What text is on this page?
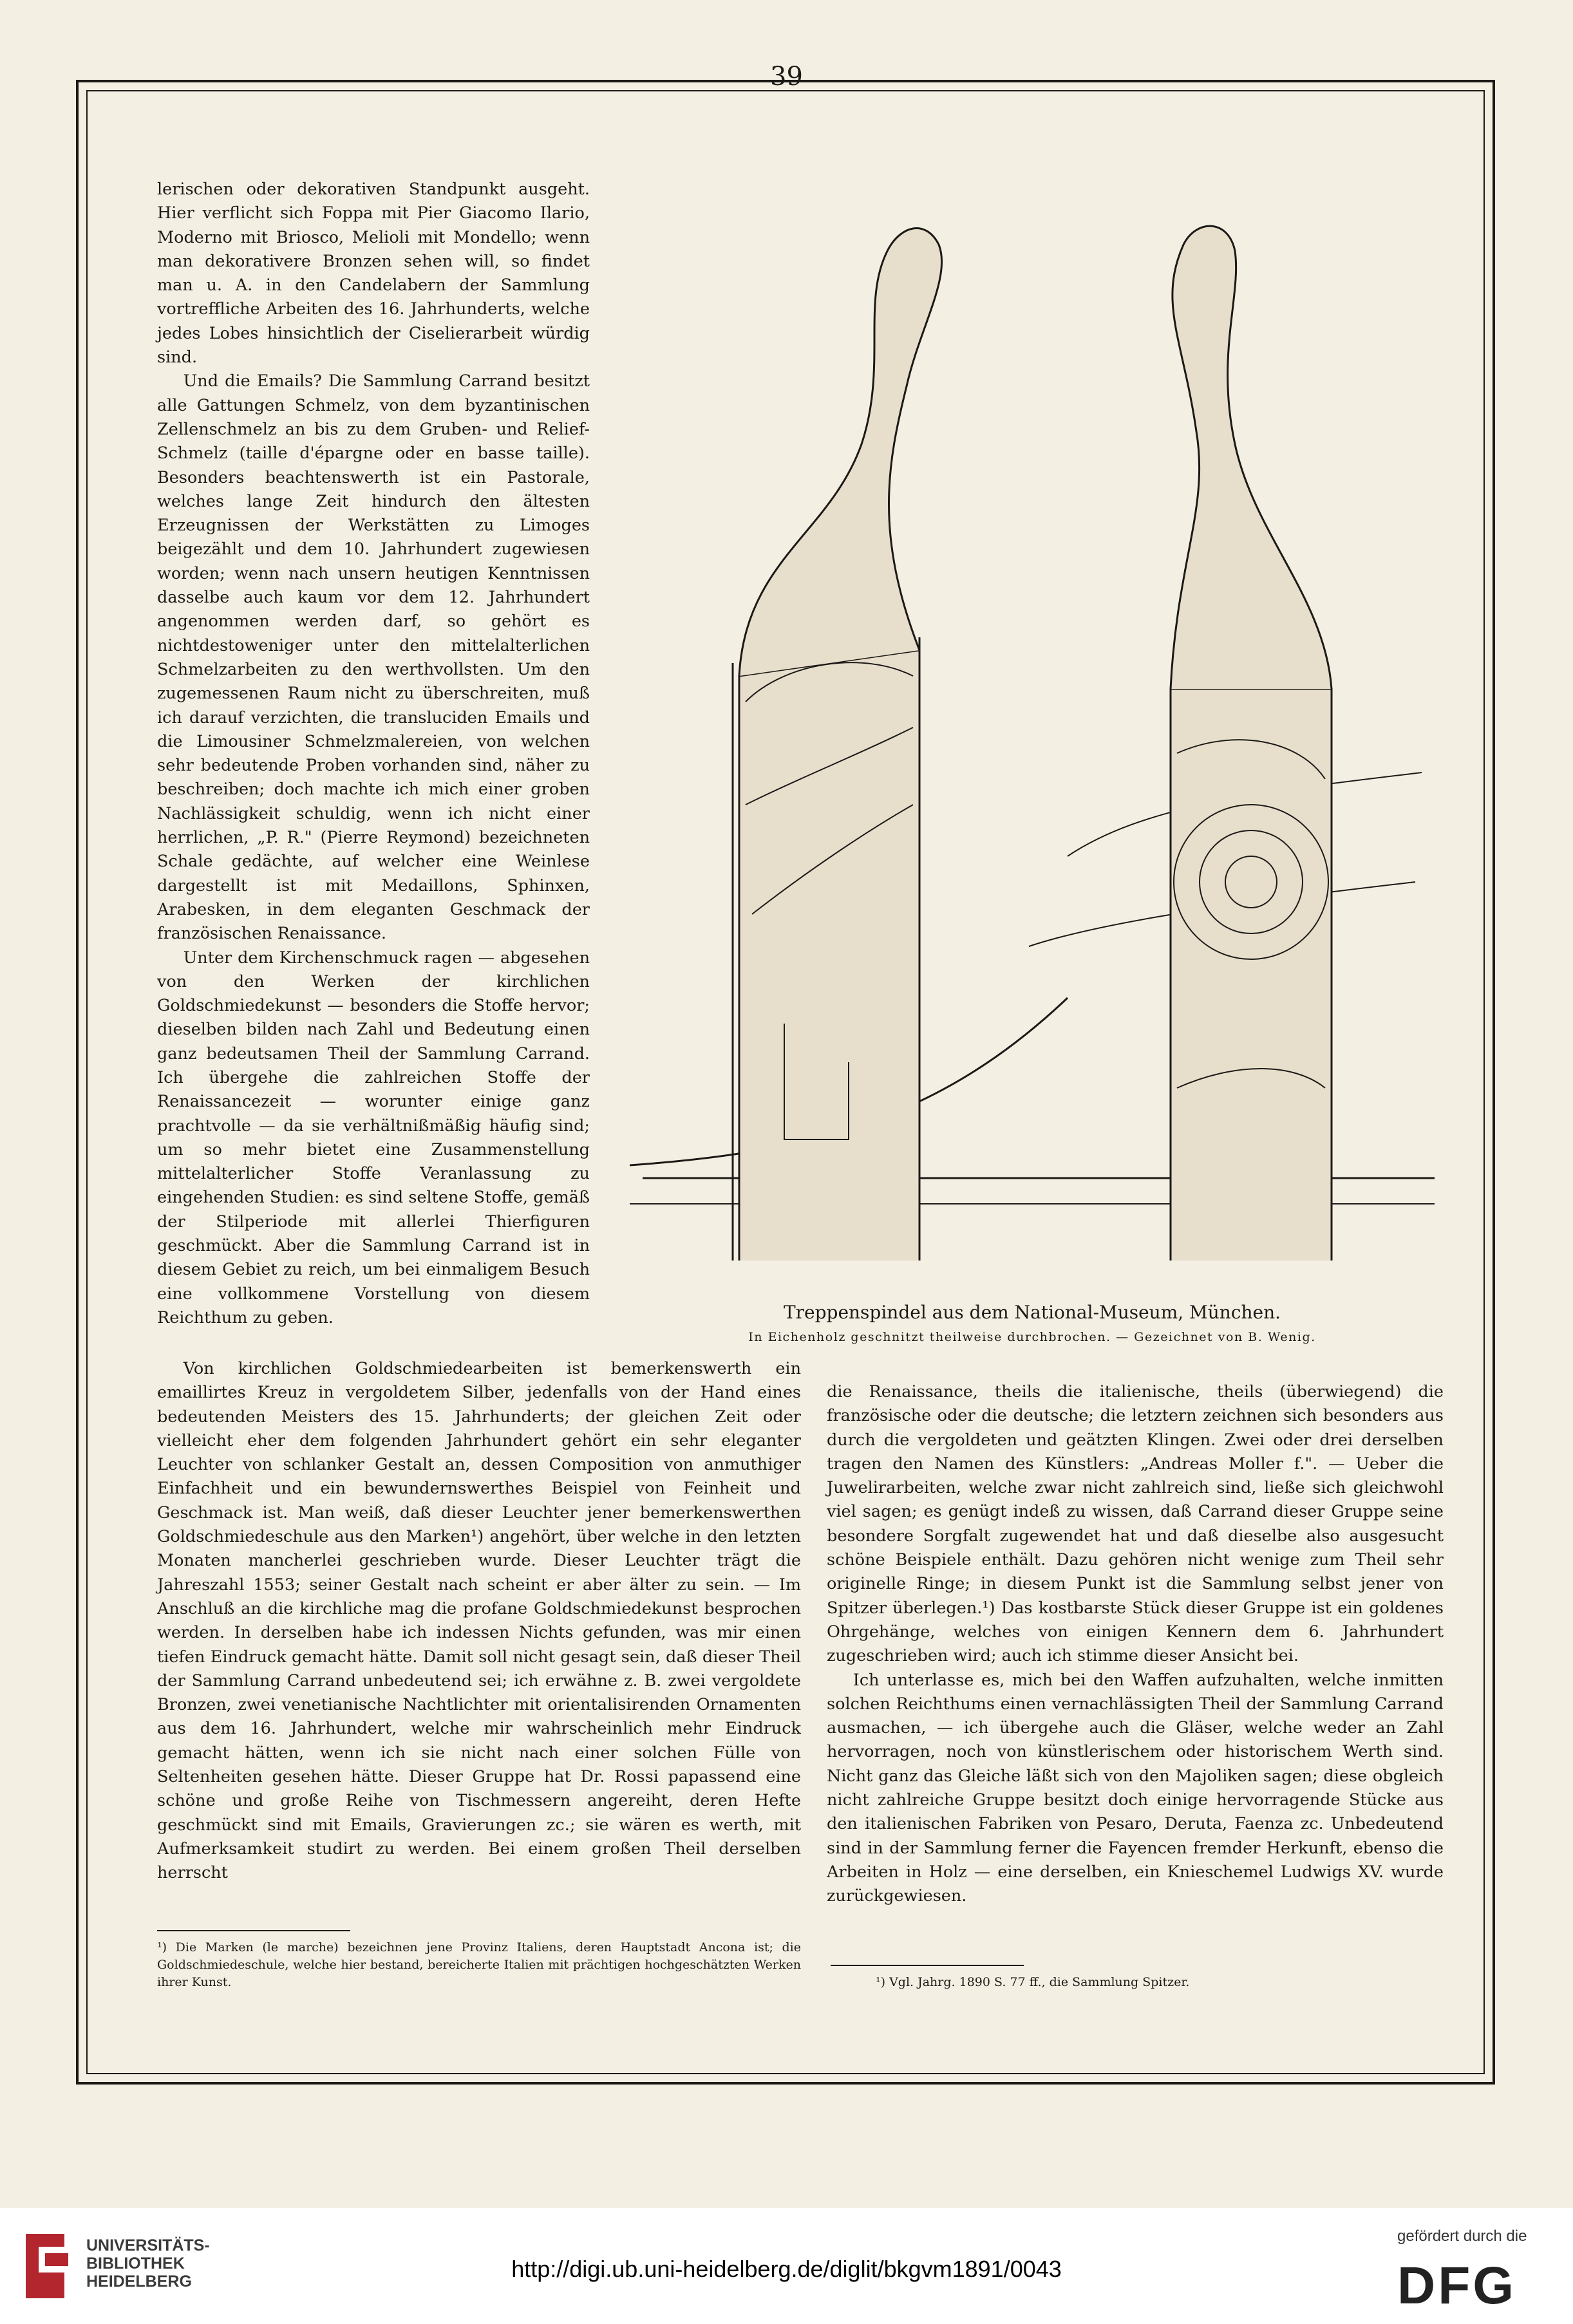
39

lerischen oder dekorativen Standpunkt ausgeht. Hier verflicht sich Foppa mit Pier Giacomo Ilario, Moderno mit Briosco, Melioli mit Mondello; wenn man dekorativere Bronzen sehen will, so findet man u. A. in den Candelabern der Sammlung vortreffliche Arbeiten des 16. Jahrhunderts, welche jedes Lobes hinsichtlich der Ciselierarbeit würdig sind.

Und die Emails? Die Sammlung Carrand besitzt alle Gattungen Schmelz, von dem byzantinischen Zellenschmelz an bis zu dem Gruben- und Relief-Schmelz (taille d'épargne oder en basse taille). Besonders beachtenswerth ist ein Pastorale, welches lange Zeit hindurch den ältesten Erzeugnissen der Werkstätten zu Limoges beigezählt und dem 10. Jahrhundert zugewiesen worden; wenn nach unsern heutigen Kenntnissen dasselbe auch kaum vor dem 12. Jahrhundert angenommen werden darf, so gehört es nichtdestoweniger unter den mittelalterlichen Schmelzarbeiten zu den werthvollsten. Um den zugemessenen Raum nicht zu überschreiten, muß ich darauf verzichten, die transluciden Emails und die Limousiner Schmelzmalereien, von welchen sehr bedeutende Proben vorhanden sind, näher zu beschreiben; doch machte ich mich einer groben Nachlässigkeit schuldig, wenn ich nicht einer herrlichen, „P. R." (Pierre Reymond) bezeichneten Schale gedächte, auf welcher eine Weinlese dargestellt ist mit Medaillons, Sphinxen, Arabesken, in dem eleganten Geschmack der französischen Renaissance.

Unter dem Kirchenschmuck ragen — abgesehen von den Werken der kirchlichen Goldschmiedekunst — besonders die Stoffe hervor; dieselben bilden nach Zahl und Bedeutung einen ganz bedeutsamen Theil der Sammlung Carrand. Ich übergehe die zahlreichen Stoffe der Renaissancezeit — worunter einige ganz prachtvolle — da sie verhältnißmäßig häufig sind; um so mehr bietet eine Zusammenstellung mittelalterlicher Stoffe Veranlassung zu eingehenden Studien: es sind seltene Stoffe, gemäß der Stilperiode mit allerlei Thierfiguren geschmückt. Aber die Sammlung Carrand ist in diesem Gebiet zu reich, um bei einmaligem Besuch eine vollkommene Vorstellung von diesem Reichthum zu geben.	Treppenspindel aus dem National-Museum, München.
In Eichenholz geschnitzt theilweise durchbrochen. — Gezeichnet von B. Wenig.

Von kirchlichen Goldschmiedearbeiten ist bemerkenswerth ein emaillirtes Kreuz in vergoldetem Silber, jedenfalls von der Hand eines bedeutenden Meisters des 15. Jahrhunderts; der gleichen Zeit oder vielleicht eher dem folgenden Jahrhundert gehört ein sehr eleganter Leuchter von schlanker Gestalt an, dessen Composition von anmuthiger Einfachheit und ein bewundernswerthes Beispiel von Feinheit und Geschmack ist. Man weiß, daß dieser Leuchter jener bemerkenswerthen Goldschmiedeschule aus den Marken¹) angehört, über welche in den letzten Monaten mancherlei geschrieben wurde. Dieser Leuchter trägt die Jahreszahl 1553; seiner Gestalt nach scheint er aber älter zu sein. — Im Anschluß an die kirchliche mag die profane Goldschmiedekunst besprochen werden. In derselben habe ich indessen Nichts gefunden, was mir einen tiefen Eindruck gemacht hätte. Damit soll nicht gesagt sein, daß dieser Theil der Sammlung Carrand unbedeutend sei; ich erwähne z. B. zwei vergoldete Bronzen, zwei venetianische Nachtlichter mit orientalisirenden Ornamenten aus dem 16. Jahrhundert, welche mir wahrscheinlich mehr Eindruck gemacht hätten, wenn ich sie nicht nach einer solchen Fülle von Seltenheiten gesehen hätte. Dieser Gruppe hat Dr. Rossi papassend eine schöne und große Reihe von Tischmessern angereiht, deren Hefte geschmückt sind mit Emails, Gravierungen zc.; sie wären es werth, mit Aufmerksamkeit studirt zu werden. Bei einem großen Theil derselben herrscht

die Renaissance, theils die italienische, theils (überwiegend) die französische oder die deutsche; die letztern zeichnen sich besonders aus durch die vergoldeten und geätzten Klingen. Zwei oder drei derselben tragen den Namen des Künstlers: „Andreas Moller f.". — Ueber die Juwelirarbeiten, welche zwar nicht zahlreich sind, ließe sich gleichwohl viel sagen; es genügt indeß zu wissen, daß Carrand dieser Gruppe seine besondere Sorgfalt zugewendet hat und daß dieselbe also ausgesucht schöne Beispiele enthält. Dazu gehören nicht wenige zum Theil sehr originelle Ringe; in diesem Punkt ist die Sammlung selbst jener von Spitzer überlegen.¹) Das kostbarste Stück dieser Gruppe ist ein goldenes Ohrgehänge, welches von einigen Kennern dem 6. Jahrhundert zugeschrieben wird; auch ich stimme dieser Ansicht bei.

Ich unterlasse es, mich bei den Waffen aufzuhalten, welche inmitten solchen Reichthums einen vernachlässigten Theil der Sammlung Carrand ausmachen, — ich übergehe auch die Gläser, welche weder an Zahl hervorragen, noch von künstlerischem oder historischem Werth sind. Nicht ganz das Gleiche läßt sich von den Majoliken sagen; diese obgleich nicht zahlreiche Gruppe besitzt doch einige hervorragende Stücke aus den italienischen Fabriken von Pesaro, Deruta, Faenza zc. Unbedeutend sind in der Sammlung ferner die Fayencen fremder Herkunft, ebenso die Arbeiten in Holz — eine derselben, ein Knieschemel Ludwigs XV. wurde zurückgewiesen.

¹) Die Marken (le marche) bezeichnen jene Provinz Italiens, deren Hauptstadt Ancona ist; die Goldschmiedeschule, welche hier bestand, bereicherte Italien mit prächtigen hochgeschätzten Werken ihrer Kunst.	¹) Vgl. Jahrg. 1890 S. 77 ff., die Sammlung Spitzer.
UNIVERSITÄTS-
BIBLIOTHEK
HEIDELBERG	http://digi.ub.uni-heidelberg.de/diglit/bkgvm1891/0043
gefördert durch die
DFG
